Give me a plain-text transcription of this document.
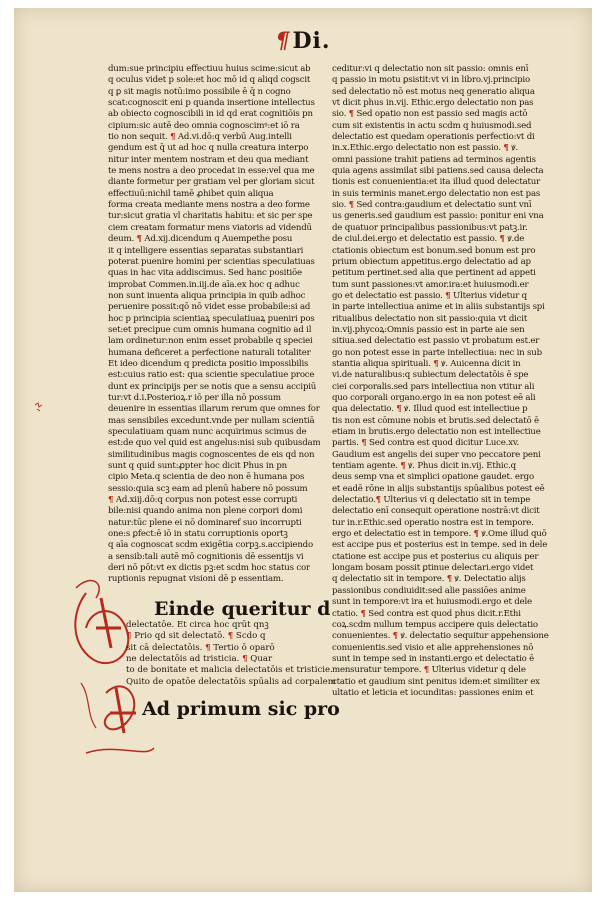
¶Di.
dum:sue principiu effectiuu huius scime:sicut ab
q oculus videt p sole:et hoc mō id q aliqd cogscit
q ꝑ sit magis notū:imo possibile ē q̄ n cogno
scat:cognoscit eni p quanda insertione intellectus
ab obiecto cognoscibili in id qd erat cognitiōis pn
cipium:sic autē deo omnia cognoscimꝰ:et iō ra
tio non sequit. ¶ Ad.vi.dō:q verbū Aug.intelli
gendum est q̄ ut ad hoc q nulla creatura interpo
nitur inter mentem nostram et deu qua mediant
te mens nostra a deo procedat in esse:vel qua me
diante formetur per gratiam vel per gloriam sicut
effectiuū:nichil tamē ꝓhibet quin aliqua
forma creata mediante mens nostra a deo forme
tur:sicut gratia vl charitatis habitu: et sic per spe
ciem creatam formatur mens viatoris ad videndū
deum. ¶ Ad.xij.dicendum q Auempethe posu
it q intelligere essentias separatas substantiari
poterat puenire homini per scientias speculatiuas
quas in hac vita addiscimus. Sed hanc positiōe
improbat Commen.in.iij.de aīa.ex hoc q adhuc
non sunt inuenta aliqua principia in quib adhoc
peruenire possit:qō nō videt esse probabile:si ad
hoc p principia scientiaꝝ speculatiuaꝝ pueniri pos
set:et precipue cum omnis humana cognitio ad il
lam ordinetur:non enim esset probabile q speciei
humana deficeret a perfectione naturali totaliter
Et ideo dicendum q predicta positio impossibilis
est:cuius ratio est: qua scientie speculatiue proce
dunt ex principijs per se notis que a sensu accipiū
tur:vt d.i.Posterioꝝ.r iō per illa nō possum
deuenire in essentias illarum rerum que omnes for
mas sensibiles excedunt.vnde per nullam scientiā
speculatiuam quam nunc acquirimus scimus de
est:de quo vel quid est angelus:nisi sub quibusdam
similitudinibus magis cognoscentes de eis qd non
sunt q quid sunt:ꝓpter hoc dicit Phus in pn
cipio Meta.q scientia de deo non ē humana pos
sessio:quia scꝫ eam ad plenū habere nō possum
¶ Ad.xiij.dō:q corpus non potest esse corrupti
bile:nisi quando anima non plene corpori domi
natur:tūc plene ei nō dominaref suo incorrupti
one:s ꝑfect:ē iō in statu corruptionis oportꝫ
q aīa cognoscat scdm exigētia corpꝫ.s.accipiendo
a sensib:tali autē mō cognitionis dē essentijs vi
deri nō pōt:vt ex dictis pꝫ:et scdm hoc status cor
ruptionis repugnat visioni dē p essentiam.
Einde queritur d
delectatōe. Et circa hoc qrūt qnꝫ
¶ Prio qd sit delectatō. ¶ Scdo q
sit cā delectatōis. ¶ Tertio ō oparō
ne delectatōis ad tristicia. ¶ Quar
to de bonitate et malicia delectatōis et tristicie.
Quito de opatōe delectatōis spūalis ad corpalem
Ad primum sic pro
ceditur:vi q delectatio non sit passio: omnis enī
q passio in motu ꝑsistit:vt vi in libro.vj.principio
sed delectatio nō est motus neq generatio aliqua
vt dicit phus in.vij. Ethic.ergo delectatio non pas
sio. ¶ Sed opatio non est passio sed magis actō
cum sit existentis in actu scdm q huiusmodi.sed
delectatio est quedam operationis perfectio:vt di
in.x.Ethic.ergo delectatio non est passio. ¶ ꝟ.
omni passione trahit patiens ad terminos agentis
quia agens assimilat sibi patiens.sed causa delecta
tionis est conuenientia:et ita illud quod delectatur
in suis terminis manet.ergo delectatio non est pas
sio. ¶ Sed contra:gaudium et delectatio sunt vnī
us generis.sed gaudium est passio: ponitur eni vna
de quatuor principalibus passionibus:vt patꝫ.ir.
de ciul.dei.ergo et delectatio est passio. ¶ ꝟ.de
ctationis obiectum est bonum.sed bonum est pro
prium obiectum appetitus.ergo delectatio ad ap
petitum pertinet.sed alia que pertinent ad appeti
tum sunt passiones:vt amor.ira:et huiusmodi.er
go et delectatio est passio. ¶ Ulterius videtur q
in parte intellectiua anime et in aliis substantijs spi
ritualibus delectatio non sit passio:quia vt dicit
in.vij.phycoꝝ:Omnis passio est in parte aie sen
sitiua.sed delectatio est passio vt probatum est.er
go non potest esse in parte intellectiua: nec in sub
stantia aliqua spirituali. ¶ ꝟ. Auicenna dicit in
vi.de naturalibus:q subiectum delectatōis ē spe
ciei corporalis.sed pars intellectiua non vtitur ali
quo corporali organo.ergo in ea non potest eē ali
qua delectatio. ¶ ꝟ. Illud quod est intellectiue p
tis non est cōmune nobis et brutis.sed delectatō ē
etiam in brutis.ergo delectatio non est intellectiue
partis. ¶ Sed contra est quod dicitur Luce.xv.
Gaudium est angelis dei super vno peccatore peni
tentiam agente. ¶ ꝟ. Phus dicit in.vij. Ethic.q
deus semp vna et simplici opatione gaudet. ergo
et eadē rōne in alijs substantijs spūalibus potest eē
delectatio.¶ Ulterius vi q delectatio sit in tempe
delectatio enī consequit operatione nostrā:vt dicit
tur in.r.Ethic.sed operatio nostra est in tempore.
ergo et delectatio est in tempore. ¶ ꝟ.Ome illud quō
est accipe pus et posterius est in tempe. sed in dele
ctatione est accipe pus et posterius cu aliquis per
longam bosam possit ꝑtinue delectari.ergo videt
q delectatio sit in tempore. ¶ ꝟ. Delectatio alijs
passionibus condiuidit:sed alie passiōes anime
sunt in tempore:vt ira et huiusmodi.ergo et dele
ctatio. ¶ Sed contra est quod phus dicit.r.Ethi
coꝝ.scdm nullum tempus accipere quis delectatio
conuenientes. ¶ ꝟ. delectatio sequitur appehensione
conuenientis.sed visio et alie apprehensiones nō
sunt in tempe sed in instanti.ergo et delectatio ē
mensuratur tempore. ¶ Ulterius videtur q dele
ctatio et gaudium sint penitus idem:et similiter ex
ultatio et leticia et iocunditas: passiones enim et
